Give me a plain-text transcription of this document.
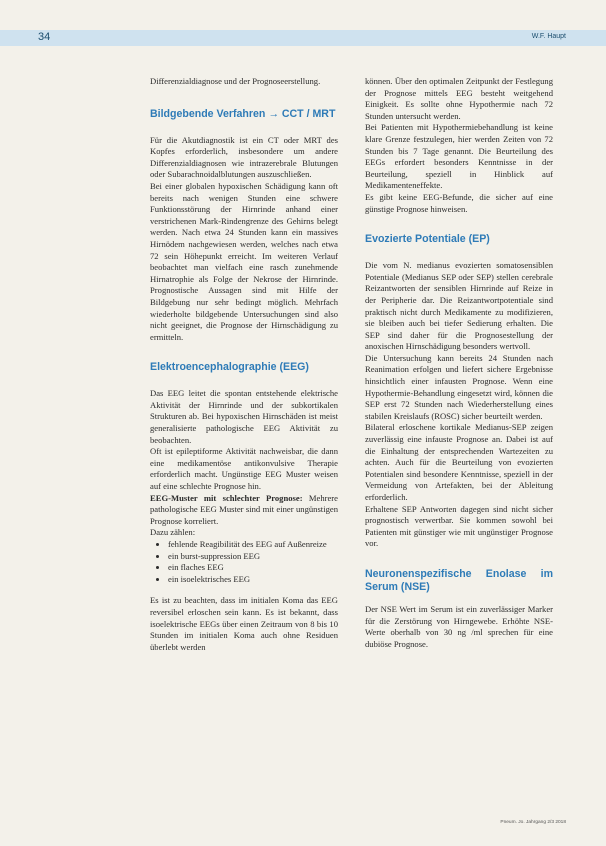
34	W.F. Haupt

Differenzialdiagnose und der Prognoseerstellung.

Bildgebende Verfahren → CCT / MRT

Für die Akutdiagnostik ist ein CT oder MRT des Kopfes erforderlich, insbesondere um andere Differenzialdiagnosen wie intrazerebrale Blutungen oder Subarachnoidalblutungen auszuschließen.

Bei einer globalen hypoxischen Schädigung kann oft bereits nach wenigen Stunden eine schwere Funktionsstörung der Hirnrinde anhand einer verstrichenen Mark-Rindengrenze des Gehirns belegt werden. Nach etwa 24 Stunden kann ein massives Hirnödem nachgewiesen werden, welches nach etwa 72 sein Höhepunkt erreicht. Im weiteren Verlauf beobachtet man vielfach eine rasch zunehmende Hirnatrophie als Folge der Nekrose der Hirnrinde. Prognostische Aussagen sind mit Hilfe der Bildgebung nur sehr bedingt möglich. Mehrfach wiederholte bildgebende Untersuchungen sind also nicht geeignet, die Prognose der Hirnschädigung zu ermitteln.

Elektroencephalographie (EEG)

Das EEG leitet die spontan entstehende elektrische Aktivität der Hirnrinde und der subkortikalen Strukturen ab. Bei hypoxischen Hirnschäden ist meist generalisierte pathologische EEG Aktivität zu beobachten.

Oft ist epileptiforme Aktivität nachweisbar, die dann eine medikamentöse antikonvulsive Therapie erforderlich macht. Ungünstige EEG Muster weisen auf eine schlechte Prognose hin.

EEG-Muster mit schlechter Prognose: Mehrere pathologische EEG Muster sind mit einer ungünstigen Prognose korreliert.

Dazu zählen:

• fehlende Reagibilität des EEG auf Außenreize
• ein burst-suppression EEG
• ein flaches EEG
• ein isoelektrisches EEG

Es ist zu beachten, dass im initialen Koma das EEG reversibel erloschen sein kann. Es ist bekannt, dass isoelektrische EEGs über einen Zeitraum von 8 bis 10 Stunden im initialen Koma auch ohne Residuen überlebt werden

können. Über den optimalen Zeitpunkt der Festlegung der Prognose mittels EEG besteht weitgehend Einigkeit. Es sollte ohne Hypothermie nach 72 Stunden untersucht werden.

Bei Patienten mit Hypothermiebehandlung ist keine klare Grenze festzulegen, hier werden Zeiten von 72 Stunden bis 7 Tage genannt. Die Beurteilung des EEGs erfordert besonders Kenntnisse in der Beurteilung, speziell in Hinblick auf Medikamenteneffekte.

Es gibt keine EEG-Befunde, die sicher auf eine günstige Prognose hinweisen.

Evozierte Potentiale (EP)

Die vom N. medianus evozierten somatosensiblen Potentiale (Medianus SEP oder SEP) stellen cerebrale Reizantworten der sensiblen Hirnrinde auf Reize in der Peripherie dar. Die Reizantwortpotentiale sind praktisch nicht durch Medikamente zu modifizieren, sie bleiben auch bei tiefer Sedierung erhalten. Die SEP sind daher für die Prognosestellung der anoxischen Hirnschädigung besonders wertvoll.

Die Untersuchung kann bereits 24 Stunden nach Reanimation erfolgen und liefert sichere Ergebnisse hinsichtlich einer infausten Prognose. Wenn eine Hypothermie-Behandlung eingesetzt wird, können die SEP erst 72 Stunden nach Wiederherstellung eines stabilen Kreislaufs (ROSC) sicher beurteilt werden.

Bilateral erloschene kortikale Medianus-SEP zeigen zuverlässig eine infauste Prognose an. Dabei ist auf die Einhaltung der entsprechenden Wartezeiten zu achten. Auch für die Beurteilung von evozierten Potentialen sind besondere Kenntnisse, speziell in der Vermeidung von Artefakten, bei der Ableitung erforderlich.

Erhaltene SEP Antworten dagegen sind nicht sicher prognostisch verwertbar. Sie kommen sowohl bei Patienten mit günstiger wie mit ungünstiger Prognose vor.

Neuronenspezifische Enolase im Serum (NSE)

Der NSE Wert im Serum ist ein zuverlässiger Marker für die Zerstörung von Hirngewebe. Erhöhte NSE-Werte oberhalb von 30 ng /ml sprechen für eine dubiöse Prognose.

Pneum. Jo. Jahrgang 2/3 2018
